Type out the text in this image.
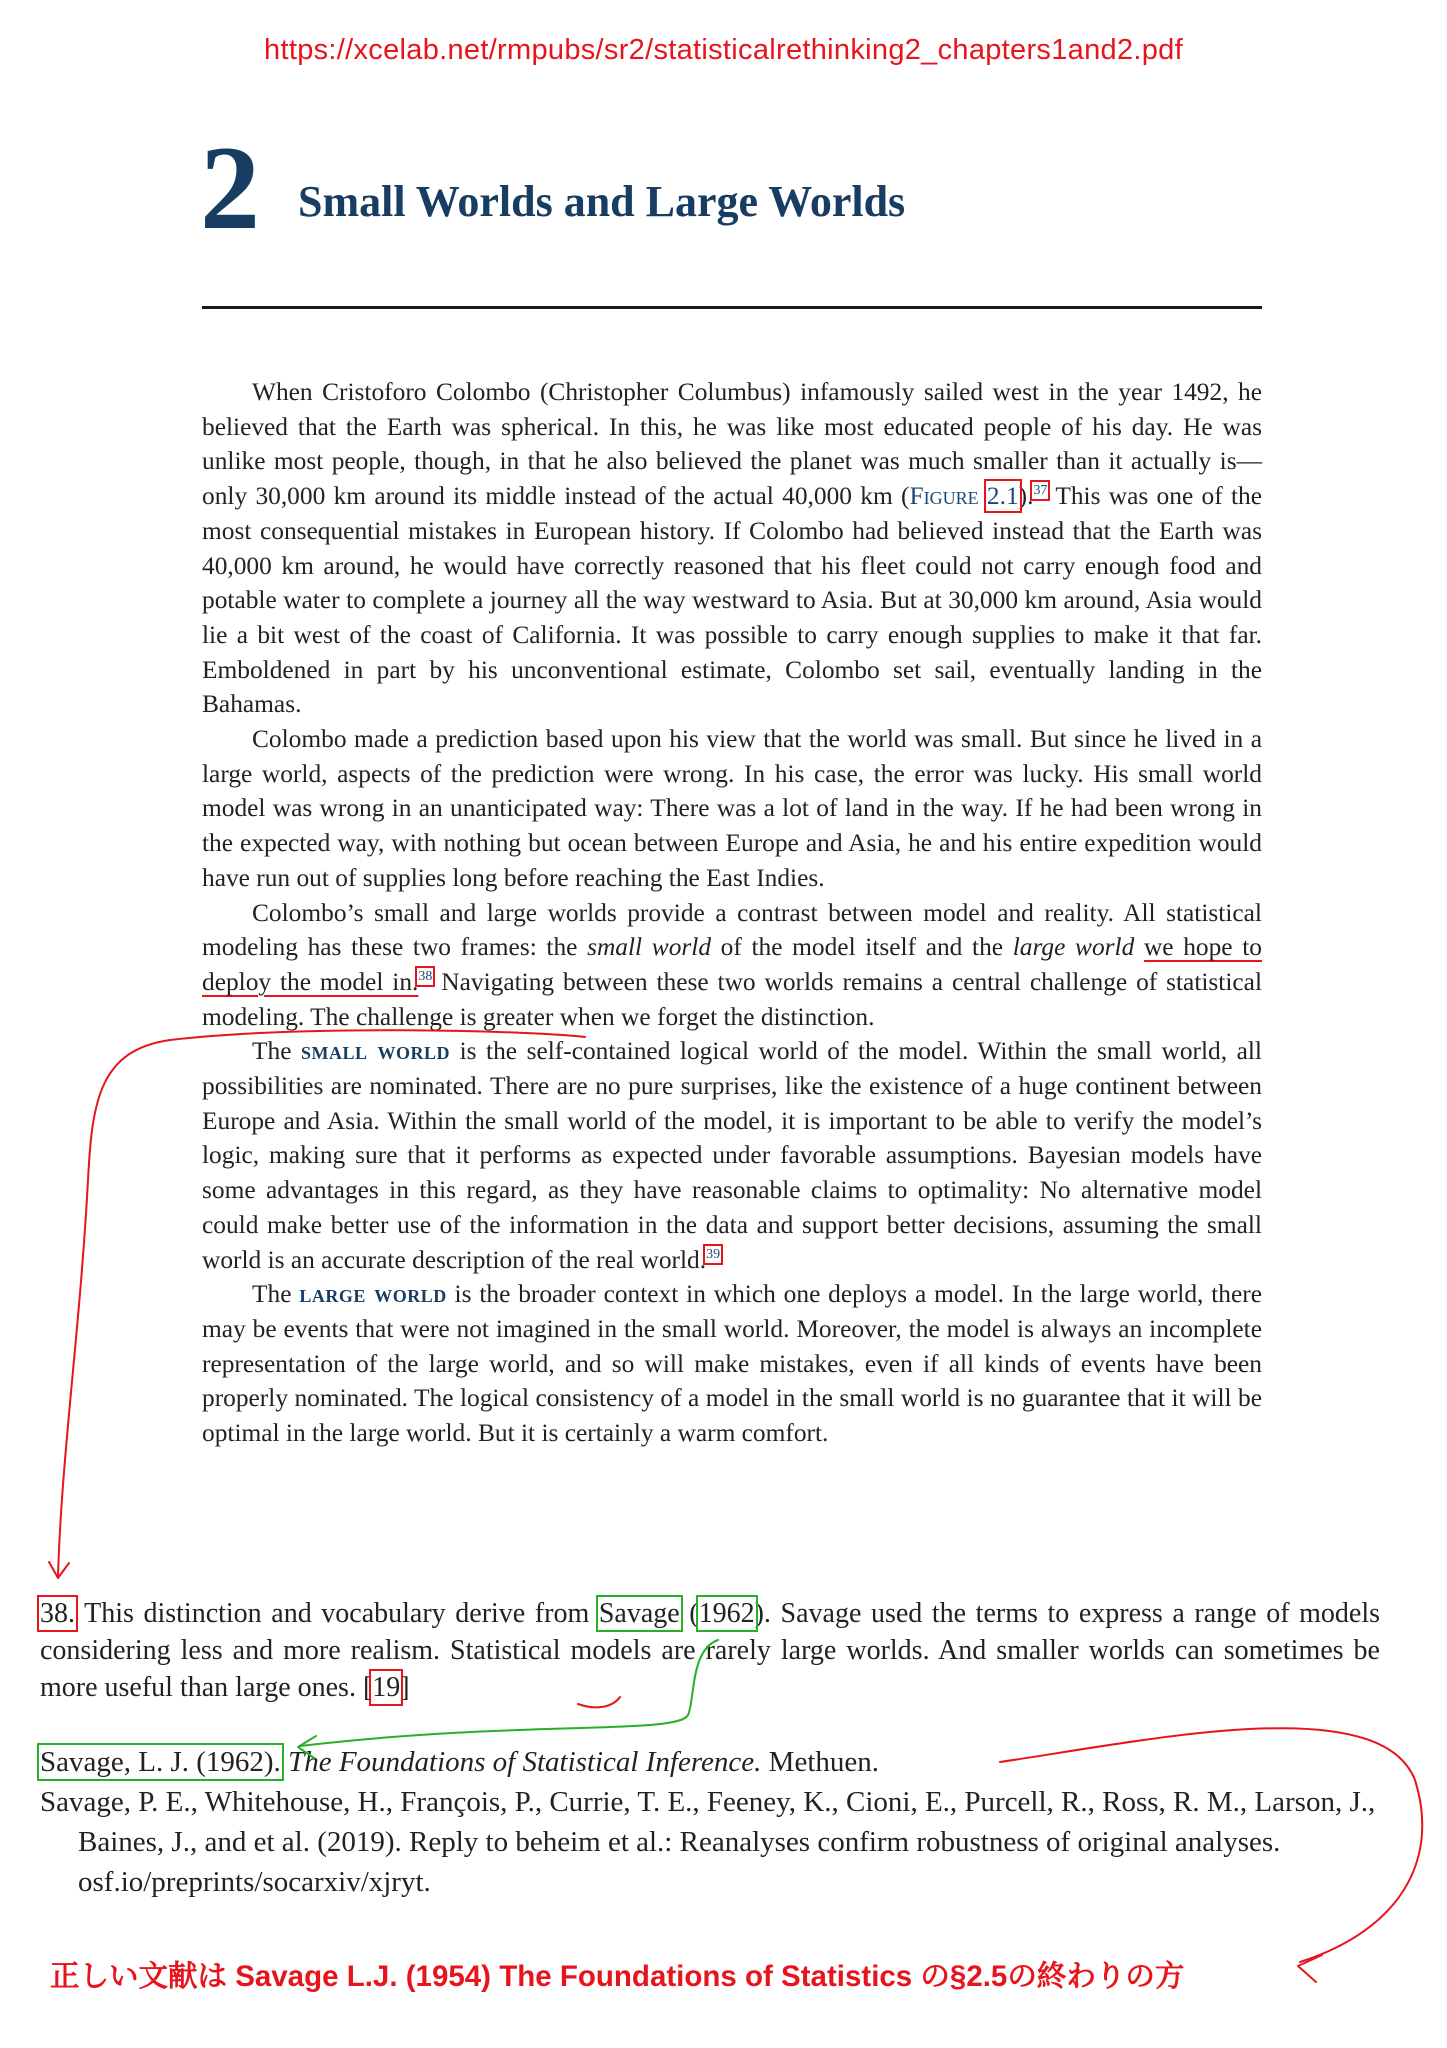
https://xcelab.net/rmpubs/sr2/statisticalrethinking2_chapters1and2.pdf
2 Small Worlds and Large Worlds

When Cristoforo Colombo (Christopher Columbus) infamously sailed west in the year 1492, he believed that the Earth was spherical. In this, he was like most educated people of his day. He was unlike most people, though, in that he also believed the planet was much smaller than it actually is—only 30,000 km around its middle instead of the actual 40,000 km (Figure 2.1).$^{37}$ This was one of the most consequential mistakes in European history. If Colombo had believed instead that the Earth was 40,000 km around, he would have correctly reasoned that his fleet could not carry enough food and potable water to complete a journey all the way westward to Asia. But at 30,000 km around, Asia would lie a bit west of the coast of California. It was possible to carry enough supplies to make it that far. Emboldened in part by his unconventional estimate, Colombo set sail, eventually landing in the Bahamas.

Colombo made a prediction based upon his view that the world was small. But since he lived in a large world, aspects of the prediction were wrong. In his case, the error was lucky. His small world model was wrong in an unanticipated way: There was a lot of land in the way. If he had been wrong in the expected way, with nothing but ocean between Europe and Asia, he and his entire expedition would have run out of supplies long before reaching the East Indies.

Colombo’s small and large worlds provide a contrast between model and reality. All statistical modeling has these two frames: the small world of the model itself and the large world we hope to deploy the model in.$^{38}$ Navigating between these two worlds remains a central challenge of statistical modeling. The challenge is greater when we forget the distinction.

The small world is the self-contained logical world of the model. Within the small world, all possibilities are nominated. There are no pure surprises, like the existence of a huge continent between Europe and Asia. Within the small world of the model, it is important to be able to verify the model’s logic, making sure that it performs as expected under favorable assumptions. Bayesian models have some advantages in this regard, as they have reasonable claims to optimality: No alternative model could make better use of the information in the data and support better decisions, assuming the small world is an accurate description of the real world.$^{39}$

The large world is the broader context in which one deploys a model. In the large world, there may be events that were not imagined in the small world. Moreover, the model is always an incomplete representation of the large world, and so will make mistakes, even if all kinds of events have been properly nominated. The logical consistency of a model in the small world is no guarantee that it will be optimal in the large world. But it is certainly a warm comfort.

38. This distinction and vocabulary derive from Savage (1962). Savage used the terms to express a range of models considering less and more realism. Statistical models are rarely large worlds. And smaller worlds can sometimes be more useful than large ones. [19]
Savage, L. J. (1962). The Foundations of Statistical Inference. Methuen.
Savage, P. E., Whitehouse, H., François, P., Currie, T. E., Feeney, K., Cioni, E., Purcell, R., Ross, R. M., Larson, J., Baines, J., and et al. (2019). Reply to beheim et al.: Reanalyses confirm robustness of original analyses. osf.io/preprints/socarxiv/xjryt.
正しい文献は Savage L.J. (1954) The Foundations of Statistics の§2.5の終わりの方
